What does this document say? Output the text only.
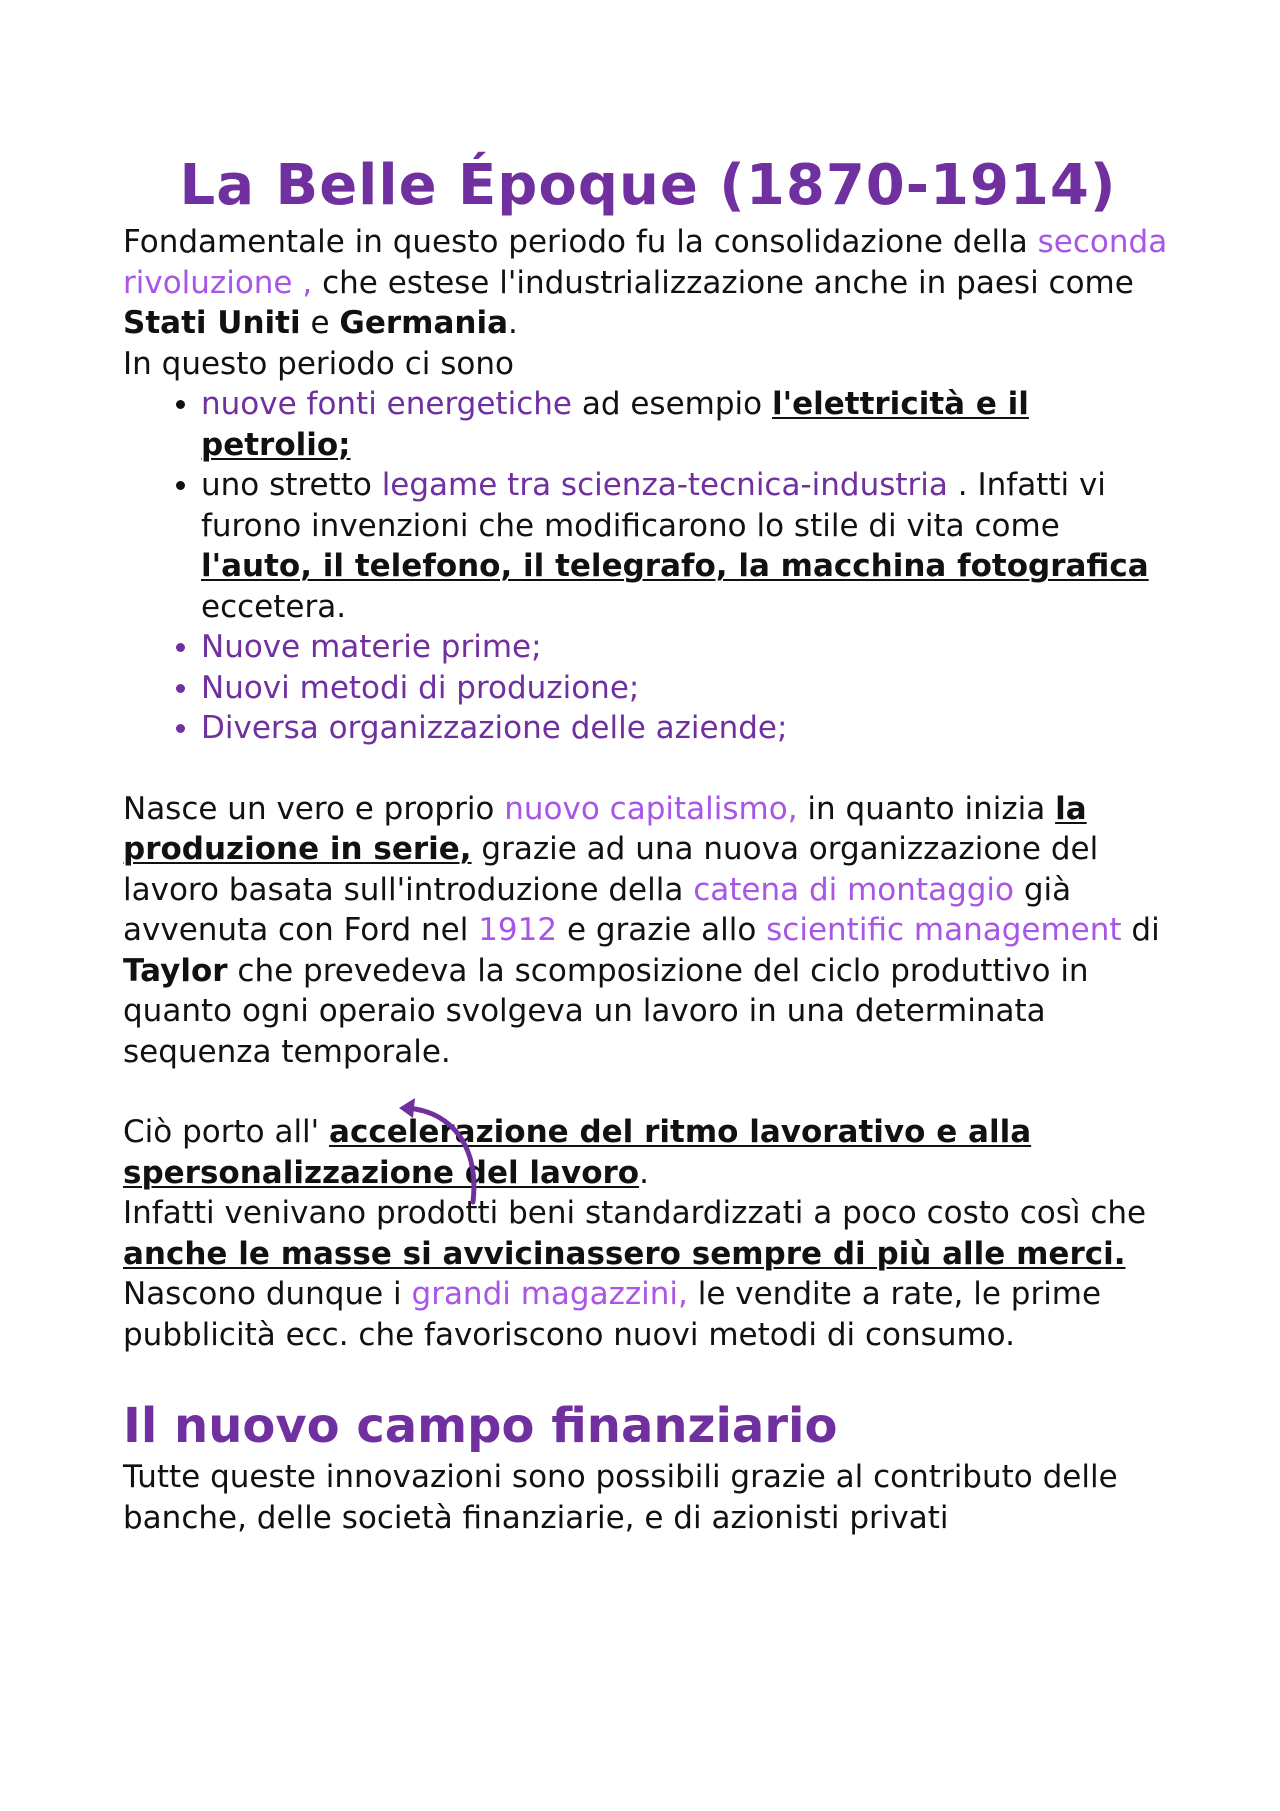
La Belle Époque (1870-1914)

Fondamentale in questo periodo fu la consolidazione della seconda rivoluzione , che estese l'industrializzazione anche in paesi come Stati Uniti e Germania.
In questo periodo ci sono

• nuove fonti energetiche ad esempio l'elettricità e il petrolio;
• uno stretto legame tra scienza-tecnica-industria . Infatti vi furono invenzioni che modificarono lo stile di vita come l'auto, il telefono, il telegrafo, la macchina fotografica eccetera.
• Nuove materie prime;
• Nuovi metodi di produzione;
• Diversa organizzazione delle aziende;

Nasce un vero e proprio nuovo capitalismo, in quanto inizia la produzione in serie, grazie ad una nuova organizzazione del lavoro basata sull'introduzione della catena di montaggio già avvenuta con Ford nel 1912 e grazie allo scientific management di Taylor che prevedeva la scomposizione del ciclo produttivo in quanto ogni operaio svolgeva un lavoro in una determinata sequenza temporale.

Ciò porto all' accelerazione del ritmo lavorativo e alla spersonalizzazione del lavoro.
Infatti venivano prodotti beni standardizzati a poco costo così che anche le masse si avvicinassero sempre di più alle merci.
Nascono dunque i grandi magazzini, le vendite a rate, le prime pubblicità ecc. che favoriscono nuovi metodi di consumo.

Il nuovo campo finanziario

Tutte queste innovazioni sono possibili grazie al contributo delle banche, delle società finanziarie, e di azionisti privati
